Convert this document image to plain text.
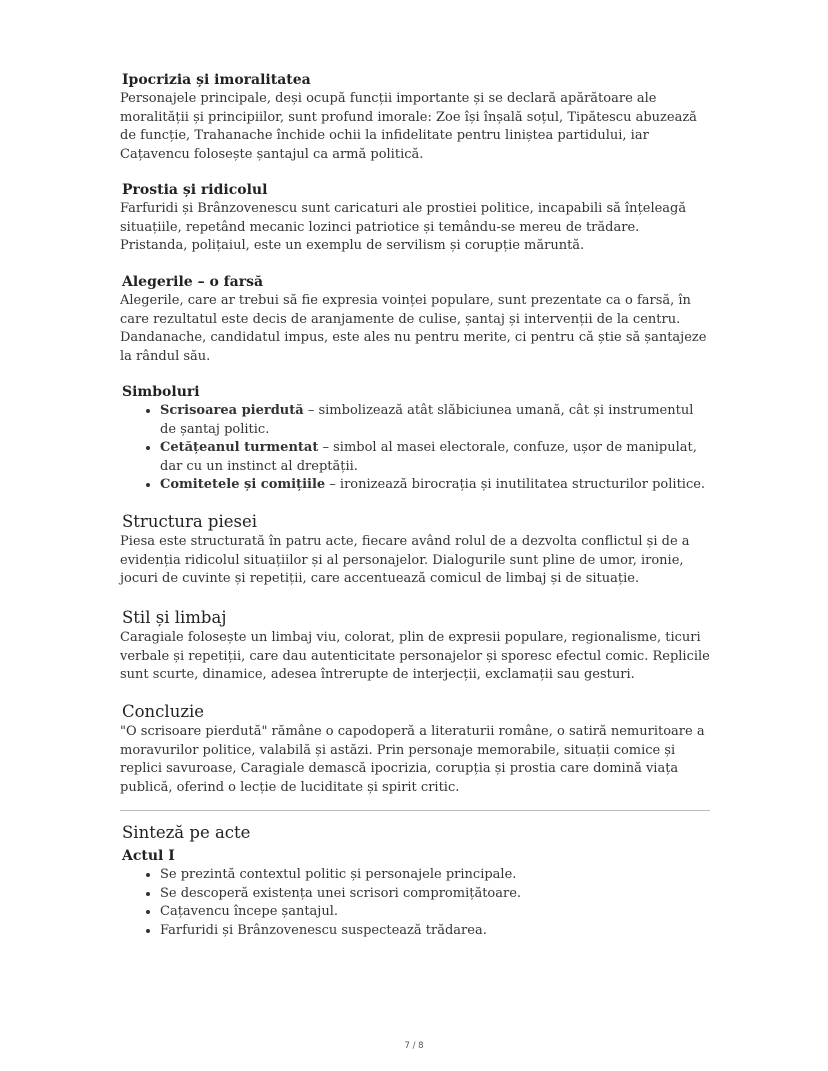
Ipocrizia și imoralitatea
Personajele principale, deși ocupă funcții importante și se declară apărătoare ale moralității și principiilor, sunt profund imorale: Zoe își înșală soțul, Tipătescu abuzează de funcție, Trahanache închide ochii la infidelitate pentru liniștea partidului, iar Cațavencu folosește șantajul ca armă politică.
Prostia și ridicolul
Farfuridi și Brânzovenescu sunt caricaturi ale prostiei politice, incapabili să înțeleagă situațiile, repetând mecanic lozinci patriotice și temându-se mereu de trădare. Pristanda, polițaiul, este un exemplu de servilism și corupție măruntă.
Alegerile – o farsă
Alegerile, care ar trebui să fie expresia voinței populare, sunt prezentate ca o farsă, în care rezultatul este decis de aranjamente de culise, șantaj și intervenții de la centru. Dandanache, candidatul impus, este ales nu pentru merite, ci pentru că știe să șantajeze la rândul său.
Simboluri
• Scrisoarea pierdută – simbolizează atât slăbiciunea umană, cât și instrumentul de șantaj politic.
• Cetățeanul turmentat – simbol al masei electorale, confuze, ușor de manipulat, dar cu un instinct al dreptății.
• Comitetele și comițiile – ironizează birocrația și inutilitatea structurilor politice.
Structura piesei
Piesa este structurată în patru acte, fiecare având rolul de a dezvolta conflictul și de a evidenția ridicolul situațiilor și al personajelor. Dialogurile sunt pline de umor, ironie, jocuri de cuvinte și repetiții, care accentuează comicul de limbaj și de situație.
Stil și limbaj
Caragiale folosește un limbaj viu, colorat, plin de expresii populare, regionalisme, ticuri verbale și repetiții, care dau autenticitate personajelor și sporesc efectul comic. Replicile sunt scurte, dinamice, adesea întrerupte de interjecții, exclamații sau gesturi.
Concluzie
"O scrisoare pierdută" rămâne o capodoperă a literaturii române, o satiră nemuritoare a moravurilor politice, valabilă și astăzi. Prin personaje memorabile, situații comice și replici savuroase, Caragiale demască ipocrizia, corupția și prostia care domină viața publică, oferind o lecție de luciditate și spirit critic.
Sinteză pe acte
Actul I
• Se prezintă contextul politic și personajele principale.
• Se descoperă existența unei scrisori compromițătoare.
• Cațavencu începe șantajul.
• Farfuridi și Brânzovenescu suspectează trădarea.
7 / 8
